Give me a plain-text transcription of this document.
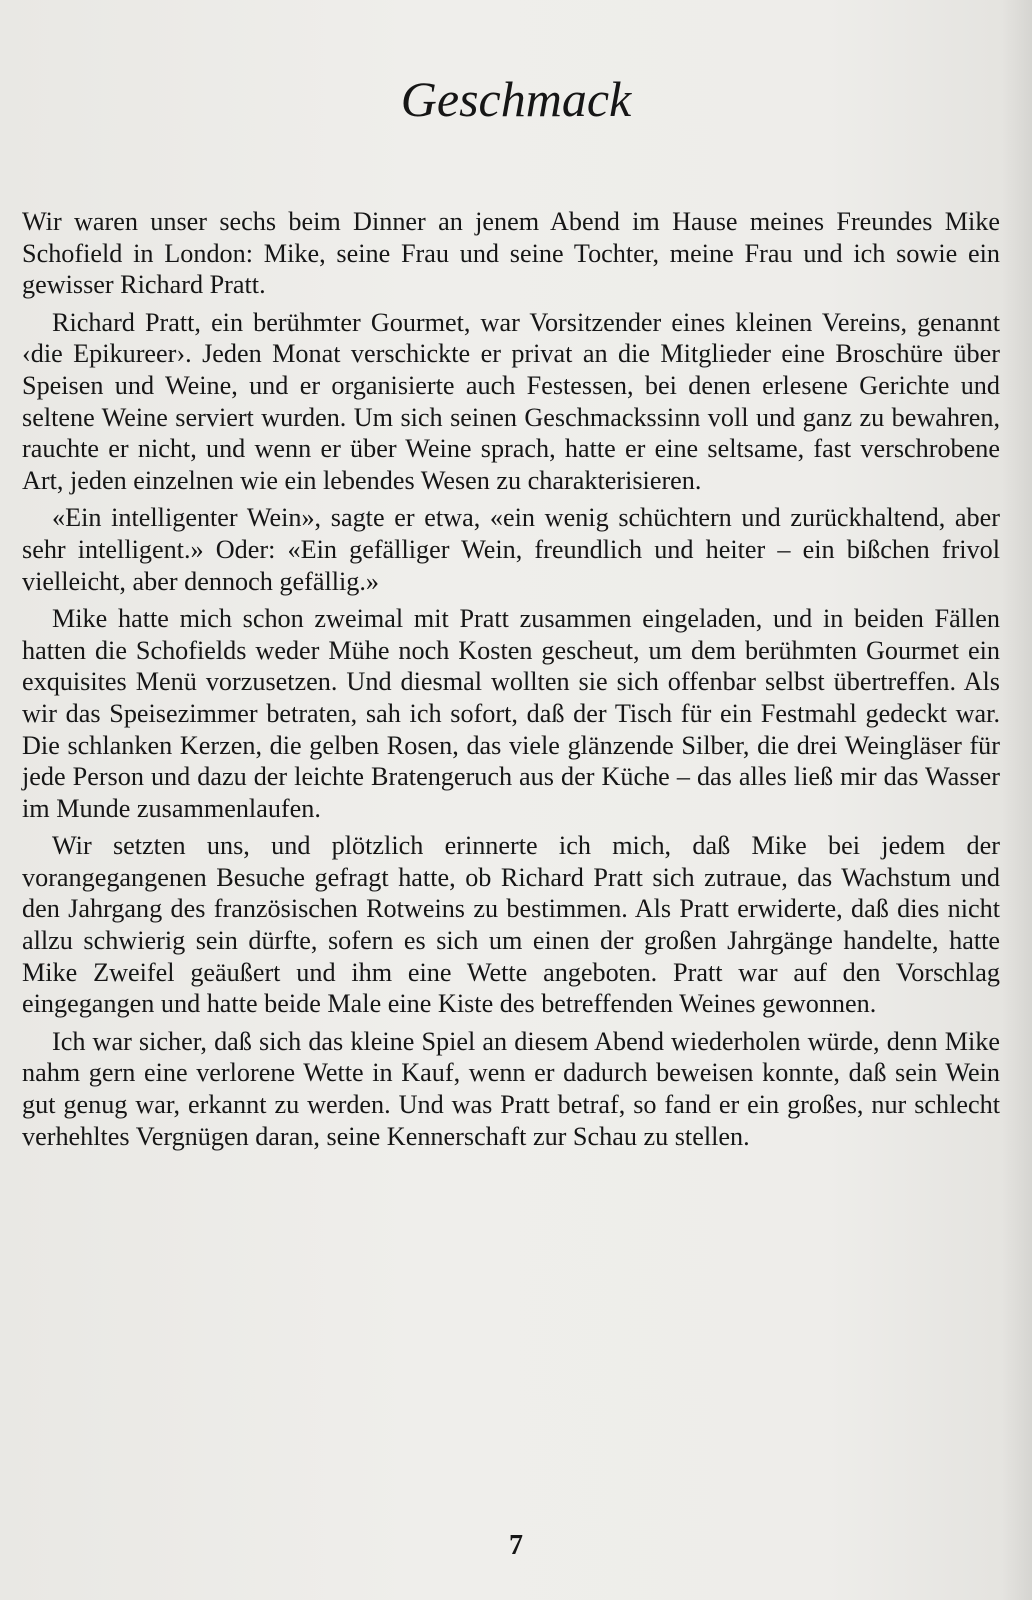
Geschmack

Wir waren unser sechs beim Dinner an jenem Abend im Hause meines Freundes Mike Schofield in London: Mike, seine Frau und seine Tochter, meine Frau und ich sowie ein gewisser Richard Pratt.

Richard Pratt, ein berühmter Gourmet, war Vorsitzender eines kleinen Vereins, genannt ‹die Epikureer›. Jeden Monat verschickte er privat an die Mitglieder eine Broschüre über Speisen und Weine, und er organisierte auch Festessen, bei denen erlesene Gerichte und seltene Weine serviert wurden. Um sich seinen Geschmackssinn voll und ganz zu bewahren, rauchte er nicht, und wenn er über Weine sprach, hatte er eine seltsame, fast verschrobene Art, jeden einzelnen wie ein lebendes Wesen zu charakterisieren.

«Ein intelligenter Wein», sagte er etwa, «ein wenig schüchtern und zurückhaltend, aber sehr intelligent.» Oder: «Ein gefälliger Wein, freundlich und heiter – ein bißchen frivol vielleicht, aber dennoch gefällig.»

Mike hatte mich schon zweimal mit Pratt zusammen eingeladen, und in beiden Fällen hatten die Schofields weder Mühe noch Kosten gescheut, um dem berühmten Gourmet ein exquisites Menü vorzusetzen. Und diesmal wollten sie sich offenbar selbst übertreffen. Als wir das Speisezimmer betraten, sah ich sofort, daß der Tisch für ein Festmahl gedeckt war. Die schlanken Kerzen, die gelben Rosen, das viele glänzende Silber, die drei Weingläser für jede Person und dazu der leichte Bratengeruch aus der Küche – das alles ließ mir das Wasser im Munde zusammenlaufen.

Wir setzten uns, und plötzlich erinnerte ich mich, daß Mike bei jedem der vorangegangenen Besuche gefragt hatte, ob Richard Pratt sich zutraue, das Wachstum und den Jahrgang des französischen Rotweins zu bestimmen. Als Pratt erwiderte, daß dies nicht allzu schwierig sein dürfte, sofern es sich um einen der großen Jahrgänge handelte, hatte Mike Zweifel geäußert und ihm eine Wette angeboten. Pratt war auf den Vorschlag eingegangen und hatte beide Male eine Kiste des betreffenden Weines gewonnen.

Ich war sicher, daß sich das kleine Spiel an diesem Abend wiederholen würde, denn Mike nahm gern eine verlorene Wette in Kauf, wenn er dadurch beweisen konnte, daß sein Wein gut genug war, erkannt zu werden. Und was Pratt betraf, so fand er ein großes, nur schlecht verhehltes Vergnügen daran, seine Kennerschaft zur Schau zu stellen.

7
